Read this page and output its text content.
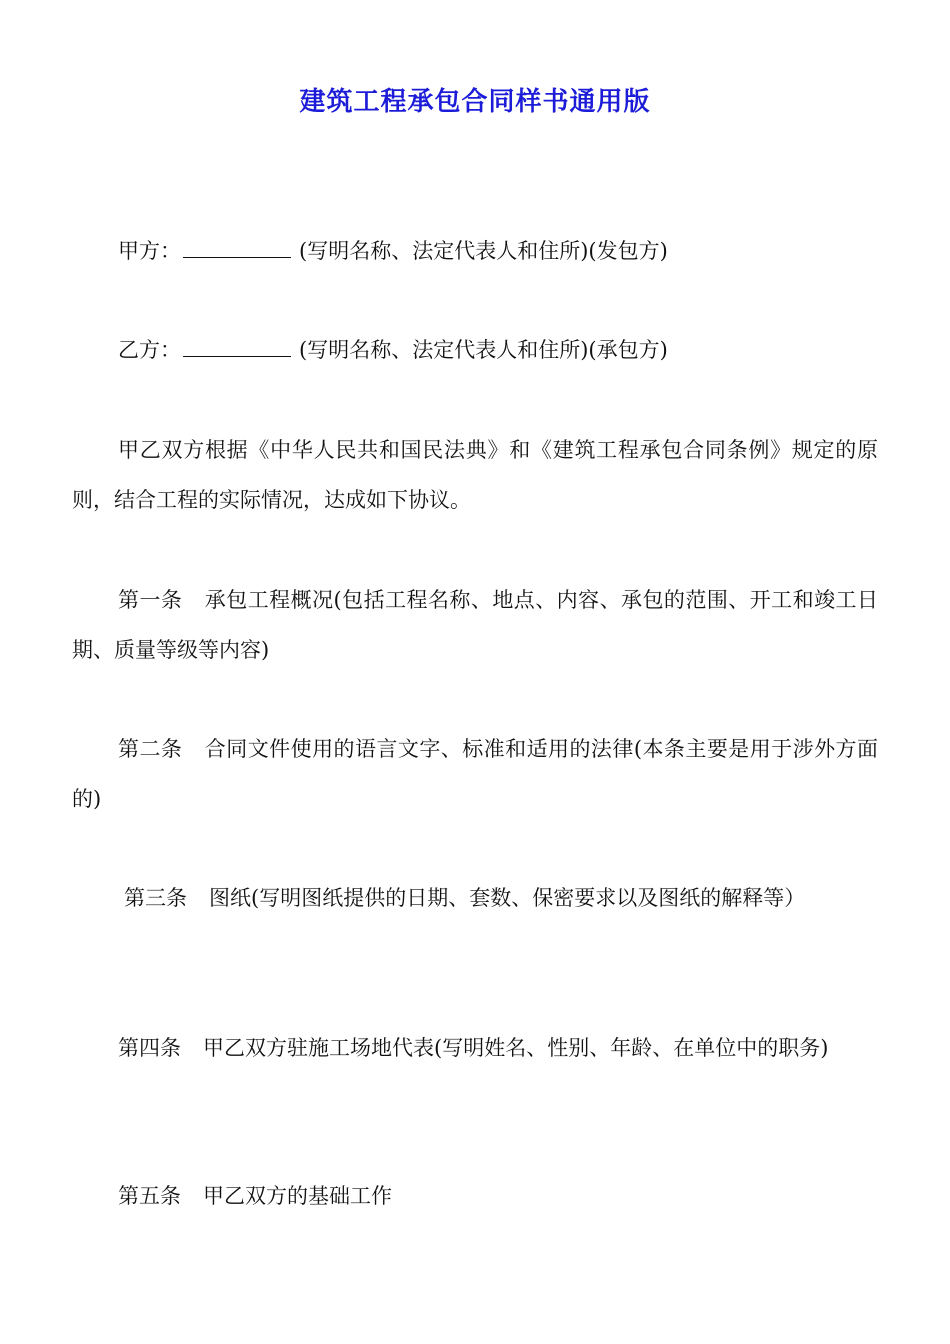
建筑工程承包合同样书通用版

甲方：	(写明名称、法定代表人和住所)(发包方)

乙方：	(写明名称、法定代表人和住所)(承包方)

甲乙双方根据《中华人民共和国民法典》和《建筑工程承包合同条例》规定的原则，结合工程的实际情况，达成如下协议。

第一条 承包工程概况(包括工程名称、地点、内容、承包的范围、开工和竣工日期、质量等级等内容)

第二条 合同文件使用的语言文字、标准和适用的法律(本条主要是用于涉外方面的)

第三条 图纸(写明图纸提供的日期、套数、保密要求以及图纸的解释等）

第四条 甲乙双方驻施工场地代表(写明姓名、性别、年龄、在单位中的职务)

第五条 甲乙双方的基础工作
